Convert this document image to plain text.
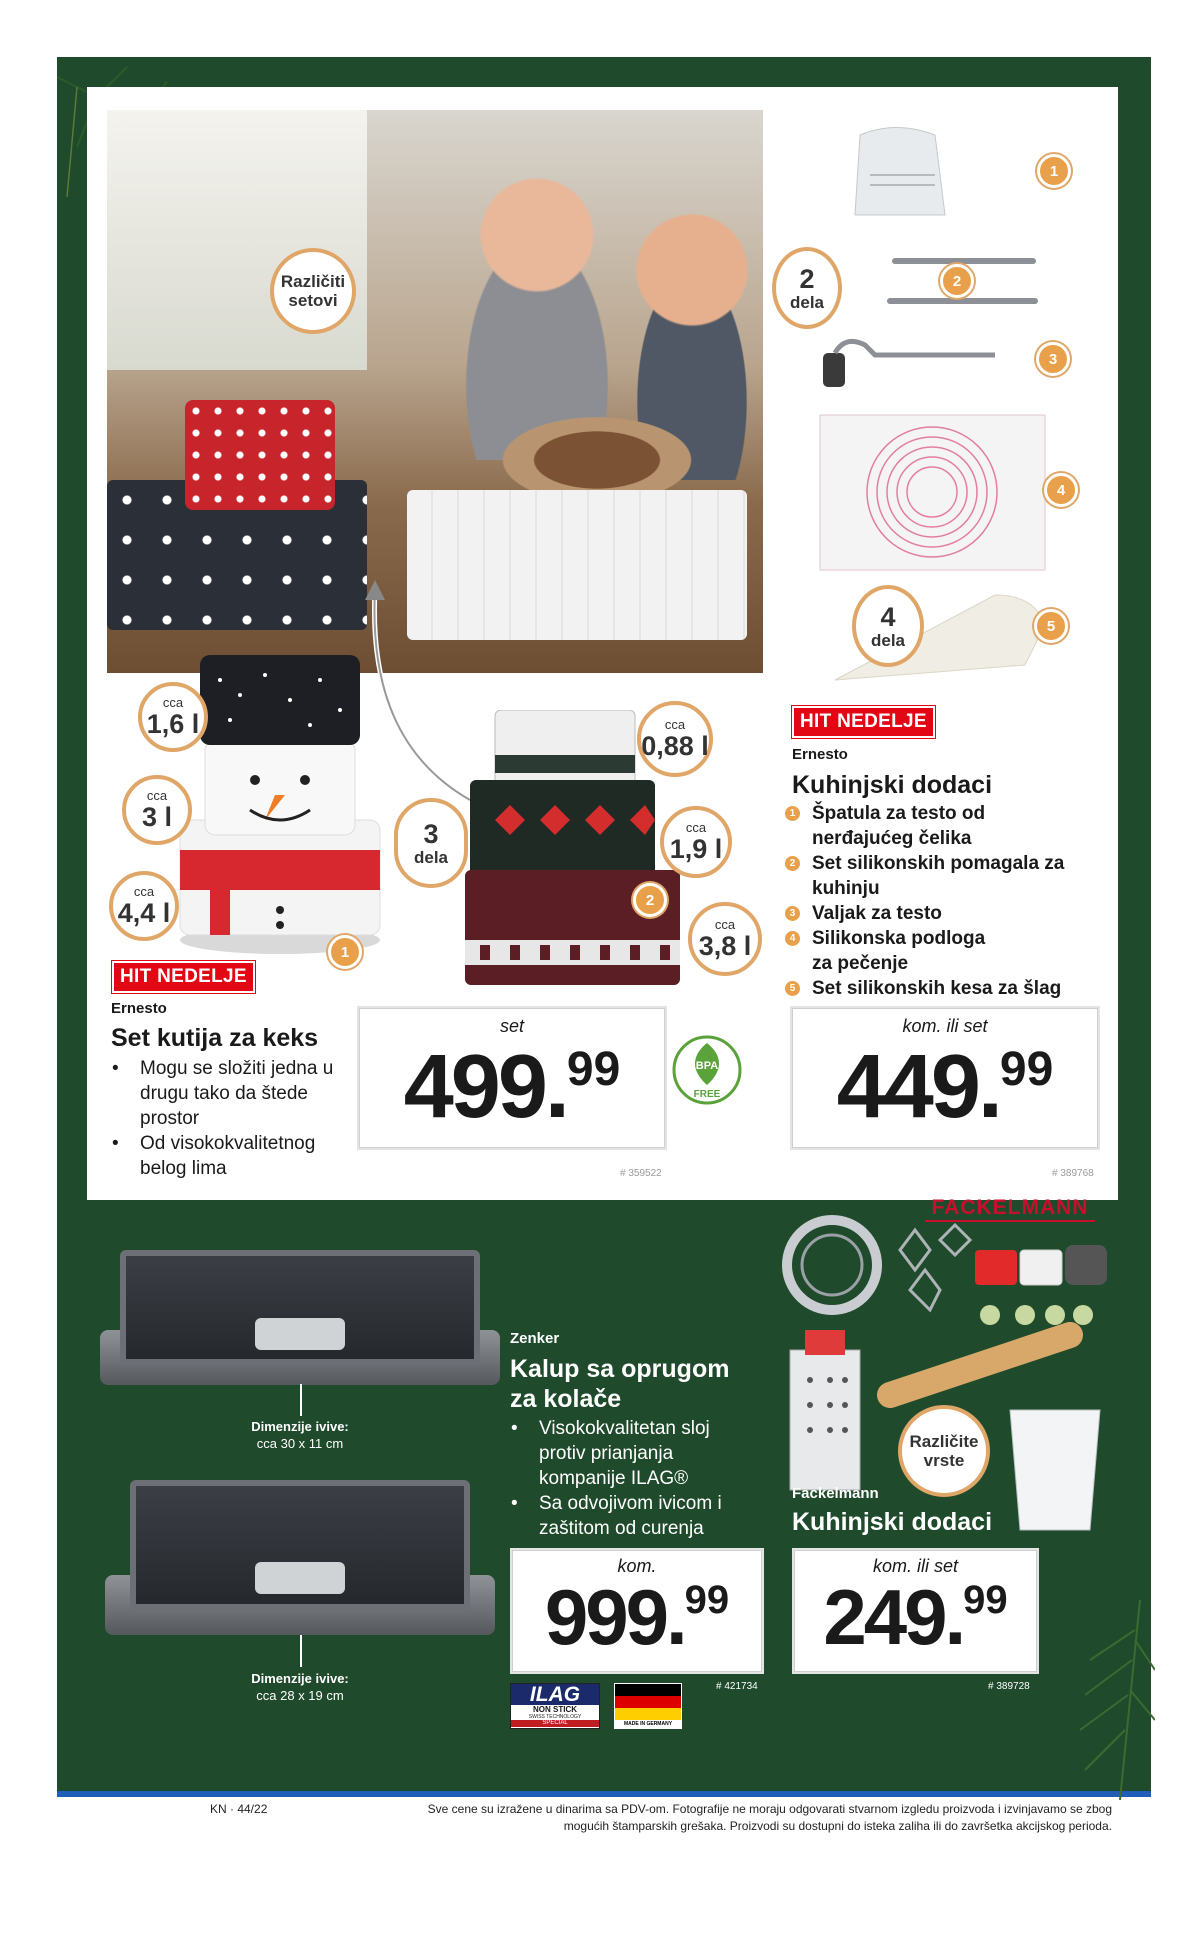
Različiti
setovi
cca
1,6 l
cca
3 l
cca
4,4 l
1
3
dela
cca
0,88 l
cca
1,9 l
cca
3,8 l
2
HIT NEDELJE
Ernesto
Set kutija za keks
• Mogu se složiti jedna u drugu tako da štede prostor
• Od visokokvalitetnog belog lima
set
499.99
# 359522
BPA
FREE
1
2
3
4
5
2
dela
4
dela
HIT NEDELJE
Ernesto
Kuhinjski dodaci
1 Špatula za testo od nerđajućeg čelika
2 Set silikonskih pomagala za kuhinju
3 Valjak za testo
4 Silikonska podloga za pečenje
5 Set silikonskih kesa za šlag
kom. ili set
449.99
# 389768
Dimenzije ivive:
cca 30 x 11 cm
Dimenzije ivive:
cca 28 x 19 cm
Zenker
Kalup sa oprugom
za kolače
• Visokokvalitetan sloj protiv prianjanja kompanije ILAG®
• Sa odvojivom ivicom i zaštitom od curenja
kom.
999.99
ILAG
NON STICK
SWISS TECHNOLOGY
SPECIAL	MADE IN GERMANY
# 421734
FACKELMANN
Različite
vrste
Fackelmann
Kuhinjski dodaci
kom. ili set
249.99
# 389728
KN · 44/22	Sve cene su izražene u dinarima sa PDV-om. Fotografije ne moraju odgovarati stvarnom izgledu proizvoda i izvinjavamo se zbog
mogućih štamparskih grešaka. Proizvodi su dostupni do isteka zaliha ili do završetka akcijskog perioda.
